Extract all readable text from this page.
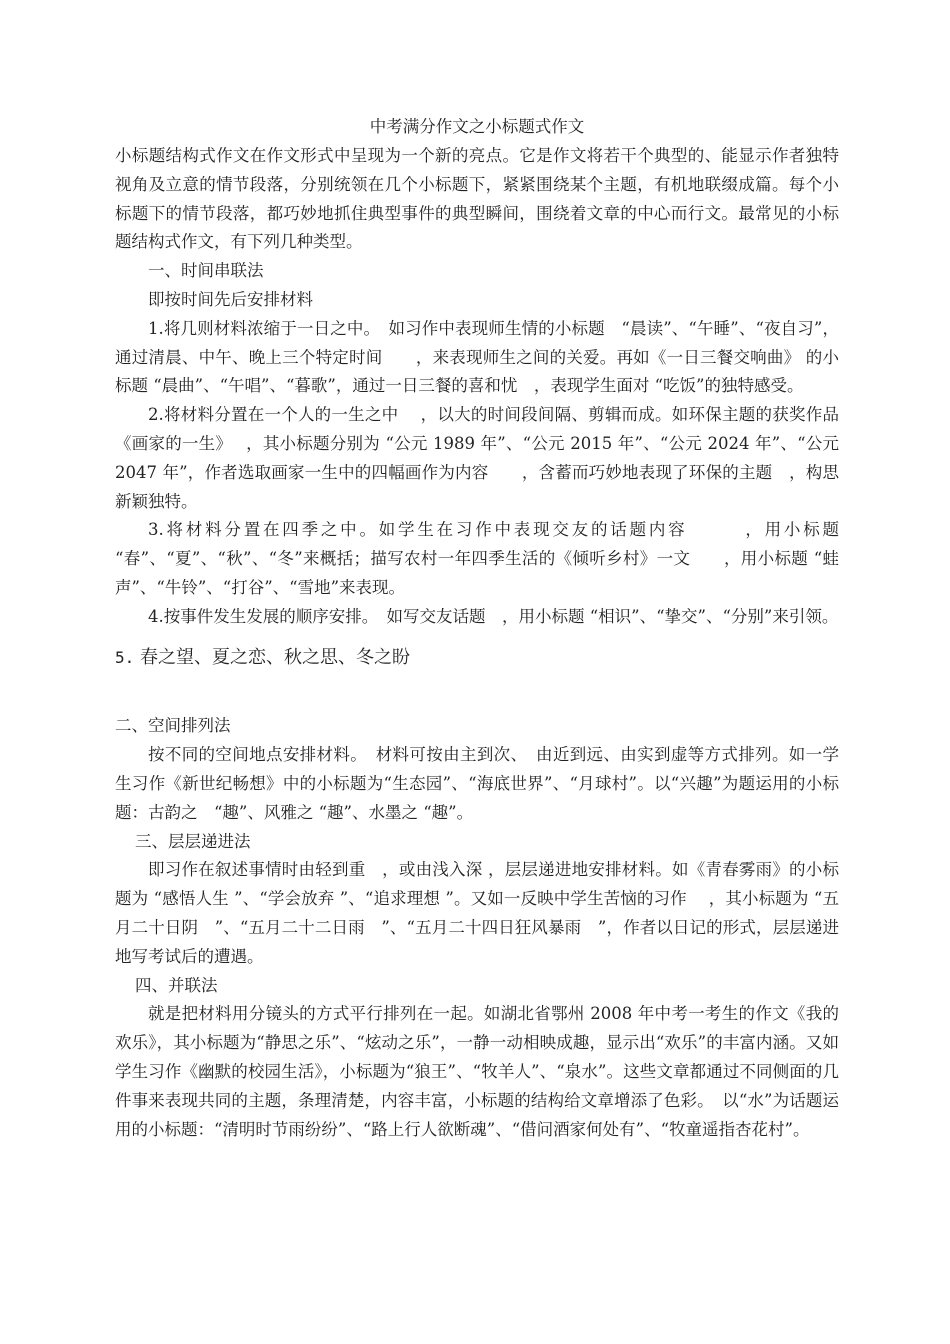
中考满分作文之小标题式作文

小标题结构式作文在作文形式中呈现为一个新的亮点。它是作文将若干个典型的、能显示作者独特视角及立意的情节段落，分别统领在几个小标题下，紧紧围绕某个主题，有机地联缀成篇。每个小标题下的情节段落，都巧妙地抓住典型事件的典型瞬间，围绕着文章的中心而行文。最常见的小标题结构式作文，有下列几种类型。

一、时间串联法

即按时间先后安排材料

1.将几则材料浓缩于一日之中。　如习作中表现师生情的小标题　“晨读”、“午睡”、“夜自习”，通过清晨、中午、晚上三个特定时间　　，来表现师生之间的关爱。再如《一日三餐交响曲》 的小标题 “晨曲”、“午唱”、“暮歌”，通过一日三餐的喜和忧　，表现学生面对 “吃饭”的独特感受。

2.将材料分置在一个人的一生之中　 ，以大的时间段间隔、剪辑而成。如环保主题的获奖作品《画家的一生》　 ，其小标题分别为 “公元 1989 年”、“公元 2015 年”、“公元 2024 年”、“公元 2047 年”，作者选取画家一生中的四幅画作为内容　　，含蓄而巧妙地表现了环保的主题　，构思新颖独特。

3.将材料分置在四季之中。如学生在习作中表现交友的话题内容　　　，用小标题 “春”、“夏”、“秋”、“冬”来概括；描写农村一年四季生活的《倾听乡村》一文　　，用小标题 “蛙声”、“牛铃”、“打谷”、“雪地”来表现。

4.按事件发生发展的顺序安排。　如写交友话题　，用小标题 “相识”、“挚交”、“分别”来引领。

5. 春之望、夏之恋、秋之思、冬之盼

二、空间排列法

按不同的空间地点安排材料。　材料可按由主到次、　由近到远、由实到虚等方式排列。如一学生习作《新世纪畅想》中的小标题为“生态园”、“海底世界”、“月球村”。以“兴趣”为题运用的小标题：古韵之　“趣”、风雅之 “趣”、水墨之 “趣”。

三、层层递进法

即习作在叙述事情时由轻到重　，或由浅入深 ，层层递进地安排材料。如《青春雾雨》的小标题为 “感悟人生 ”、“学会放弃 ”、“追求理想 ”。又如一反映中学生苦恼的习作　 ，其小标题为 “五月二十日阴　”、“五月二十二日雨　”、“五月二十四日狂风暴雨　”，作者以日记的形式，层层递进地写考试后的遭遇。

四、并联法

就是把材料用分镜头的方式平行排列在一起。如湖北省鄂州 2008 年中考一考生的作文《我的欢乐》，其小标题为“静思之乐”、“炫动之乐”，一静一动相映成趣，显示出“欢乐”的丰富内涵。又如学生习作《幽默的校园生活》，小标题为“狼王”、“牧羊人”、“泉水”。这些文章都通过不同侧面的几件事来表现共同的主题，条理清楚，内容丰富，小标题的结构给文章增添了色彩。　以“水”为话题运用的小标题：“清明时节雨纷纷”、“路上行人欲断魂”、“借问酒家何处有”、“牧童遥指杏花村”。
